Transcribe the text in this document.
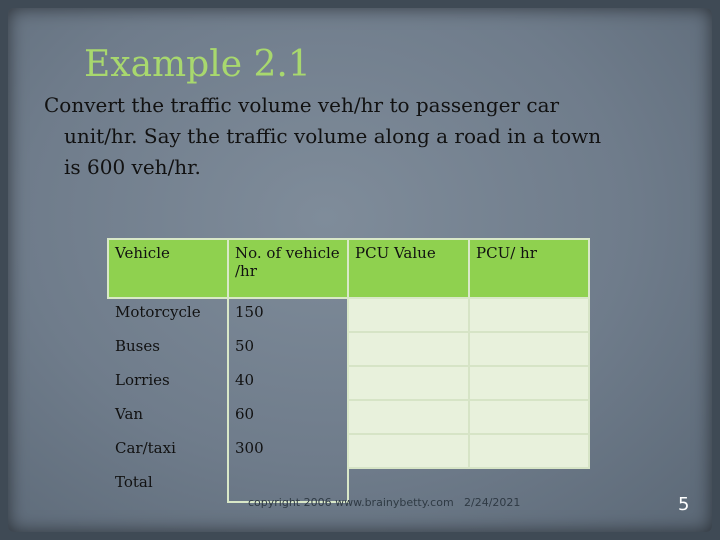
Example 2.1
Convert the traffic volume veh/hr to passenger car
unit/hr. Say the traffic volume along a road in a town
is 600 veh/hr.
Vehicle	No. of vehicle /hr	PCU Value	PCU/ hr
Motorcycle	150		
Buses	50		
Lorries	40		
Van	60		
Car/taxi	300		
Total			
copyright 2006 www.brainybetty.com 2/24/2021	5
